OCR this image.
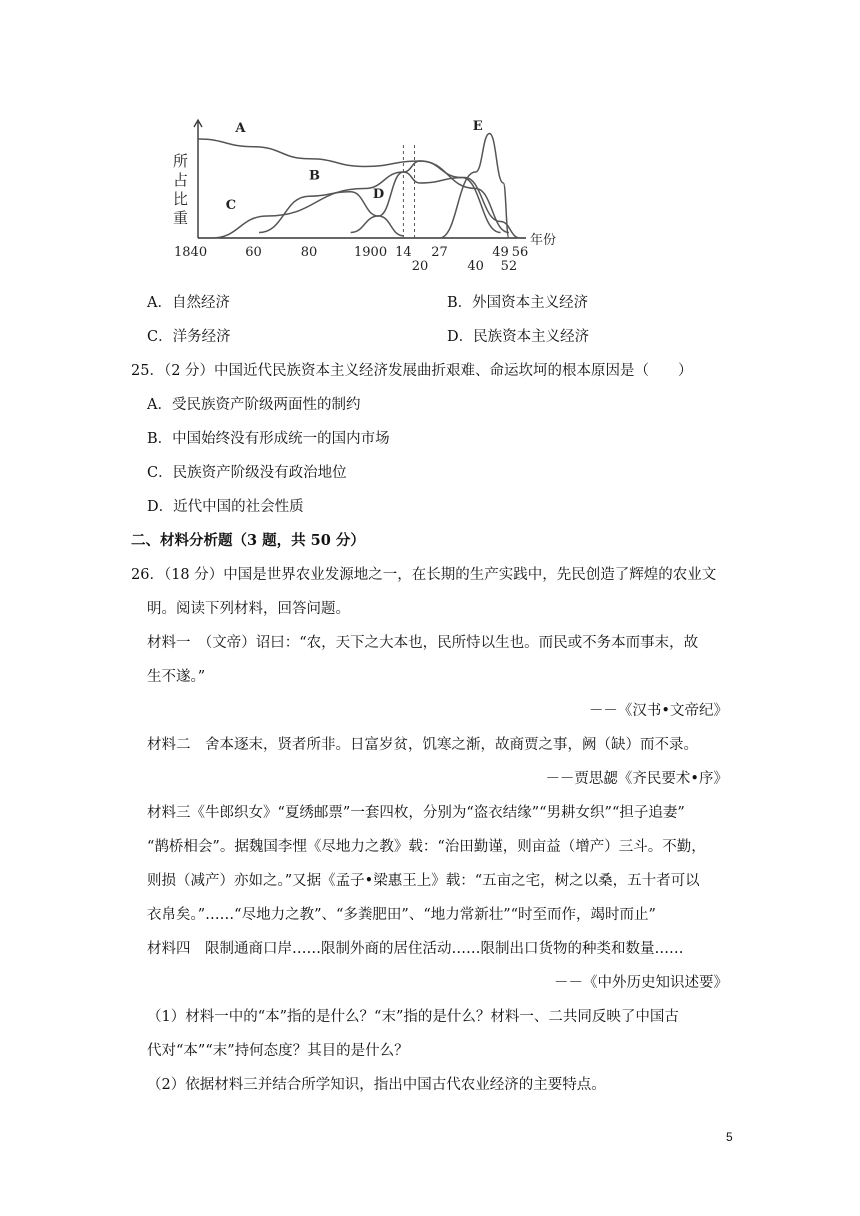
所
占
比
重
A
B
C
D
E
1840	60	80	1900 14
20
27
40
49
52
56
年份
A．自然经济	B．外国资本主义经济
C．洋务经济	D．民族资本主义经济
25．（2 分）中国近代民族资本主义经济发展曲折艰难、命运坎坷的根本原因是（　　）
A．受民族资产阶级两面性的制约
B．中国始终没有形成统一的国内市场
C．民族资产阶级没有政治地位
D．近代中国的社会性质
二、材料分析题（3 题，共 50 分）
26．（18 分）中国是世界农业发源地之一，在长期的生产实践中，先民创造了辉煌的农业文
明。阅读下列材料，回答问题。
材料一　（文帝）诏曰：“农，天下之大本也，民所恃以生也。而民或不务本而事末，故
生不遂。”
－－《汉书•文帝纪》
材料二　舍本逐末，贤者所非。日富岁贫，饥寒之渐，故商贾之事，阙（缺）而不录。
－－贾思勰《齐民要术•序》
材料三《牛郎织女》“夏绣邮票”一套四枚，分别为“盗衣结缘”“男耕女织”“担子追妻”
“鹊桥相会”。据魏国李悝《尽地力之教》载：“治田勤谨，则亩益（增产）三斗。不勤，
则损（减产）亦如之。”又据《孟子•梁惠王上》载：“五亩之宅，树之以桑，五十者可以
衣帛矣。”……“尽地力之教”、“多粪肥田”、“地力常新壮”“时至而作，竭时而止”
材料四　限制通商口岸……限制外商的居住活动……限制出口货物的种类和数量……
－－《中外历史知识述要》
（1）材料一中的“本”指的是什么？“末”指的是什么？材料一、二共同反映了中国古
代对“本”“末”持何态度？其目的是什么？
（2）依据材料三并结合所学知识，指出中国古代农业经济的主要特点。
5
